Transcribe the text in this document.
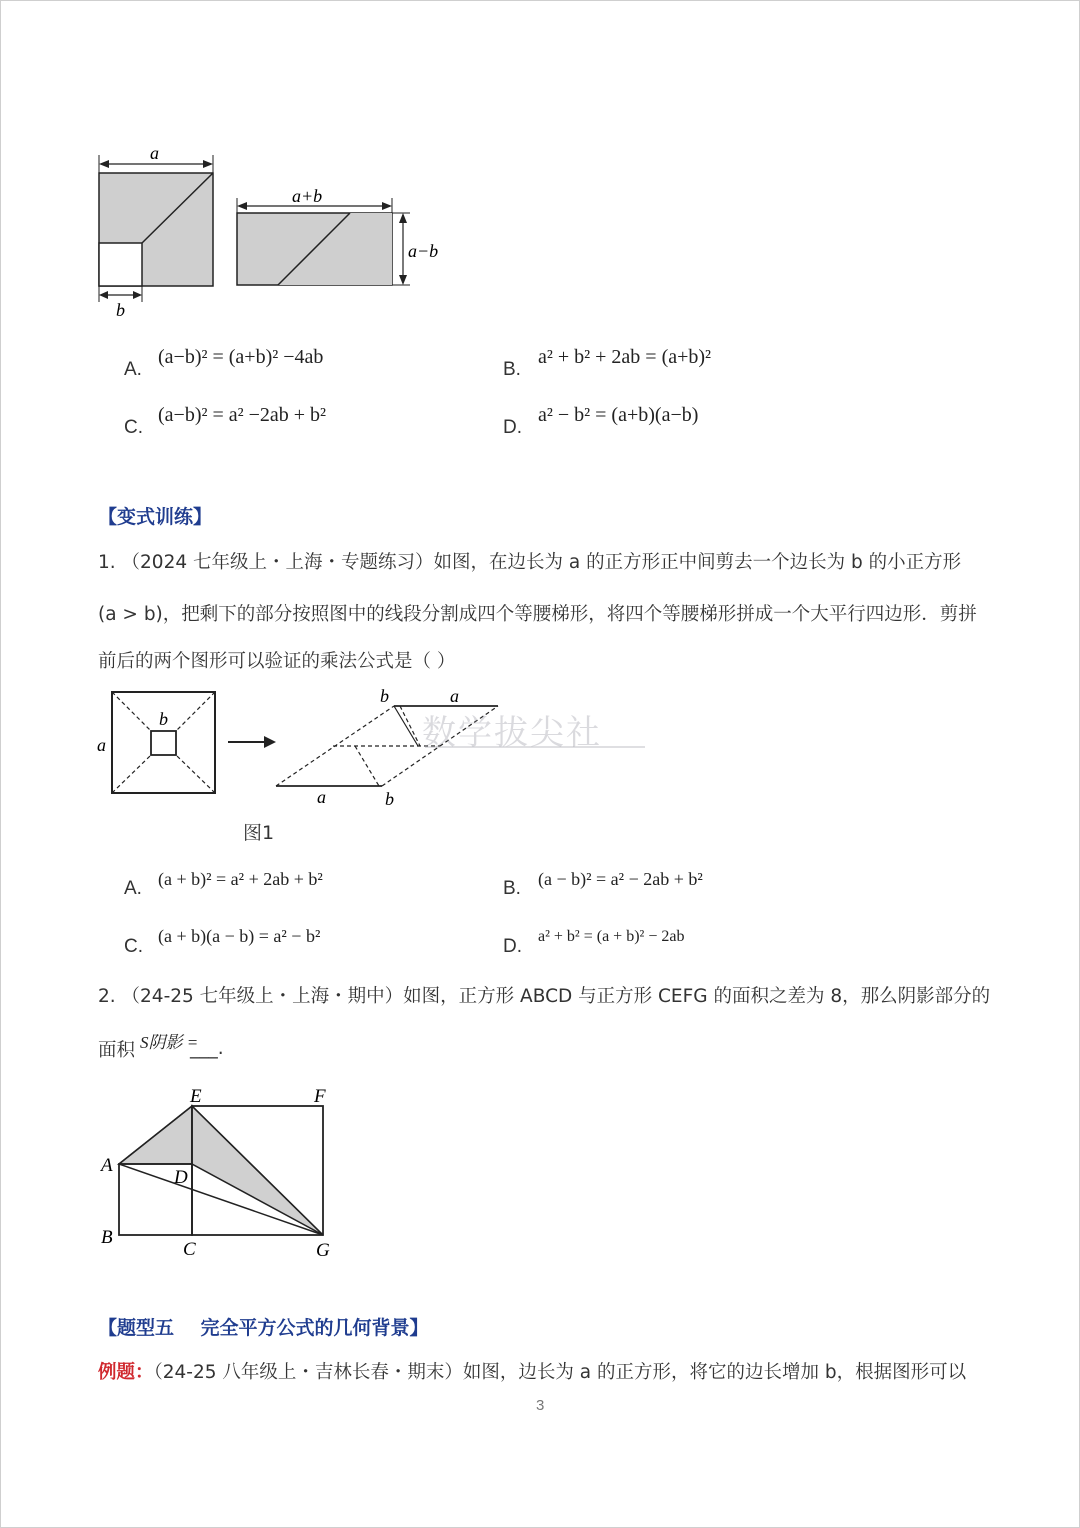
a
b
a+b
a−b
A.
(a−b)² = (a+b)² −4ab
B.
a² + b² + 2ab = (a+b)²
C.
(a−b)² = a² −2ab + b²
D.
a² − b² = (a+b)(a−b)
【变式训练】
1. （2024 七年级上・上海・专题练习）如图，在边长为 a 的正方形正中间剪去一个边长为 b 的小正方形
(a > b)，把剩下的部分按照图中的线段分割成四个等腰梯形，将四个等腰梯形拼成一个大平行四边形．剪拼
前后的两个图形可以验证的乘法公式是（ ）
a
b
b	a
a	b
数学拔尖社
图1
A. (a + b)² = a² + 2ab + b²	B. (a − b)² = a² − 2ab + b²
C. (a + b)(a − b) = a² − b²	D. a² + b² = (a + b)² − 2ab
2. （24-25 七年级上・上海・期中）如图，正方形 ABCD 与正方形 CEFG 的面积之差为 8，那么阴影部分的
面积 S阴影 =
___.
A
B
C
D
E	F
G
【题型五    完全平方公式的几何背景】
例题：（24-25 八年级上・吉林长春・期末）如图，边长为 a 的正方形，将它的边长增加 b，根据图形可以
3
